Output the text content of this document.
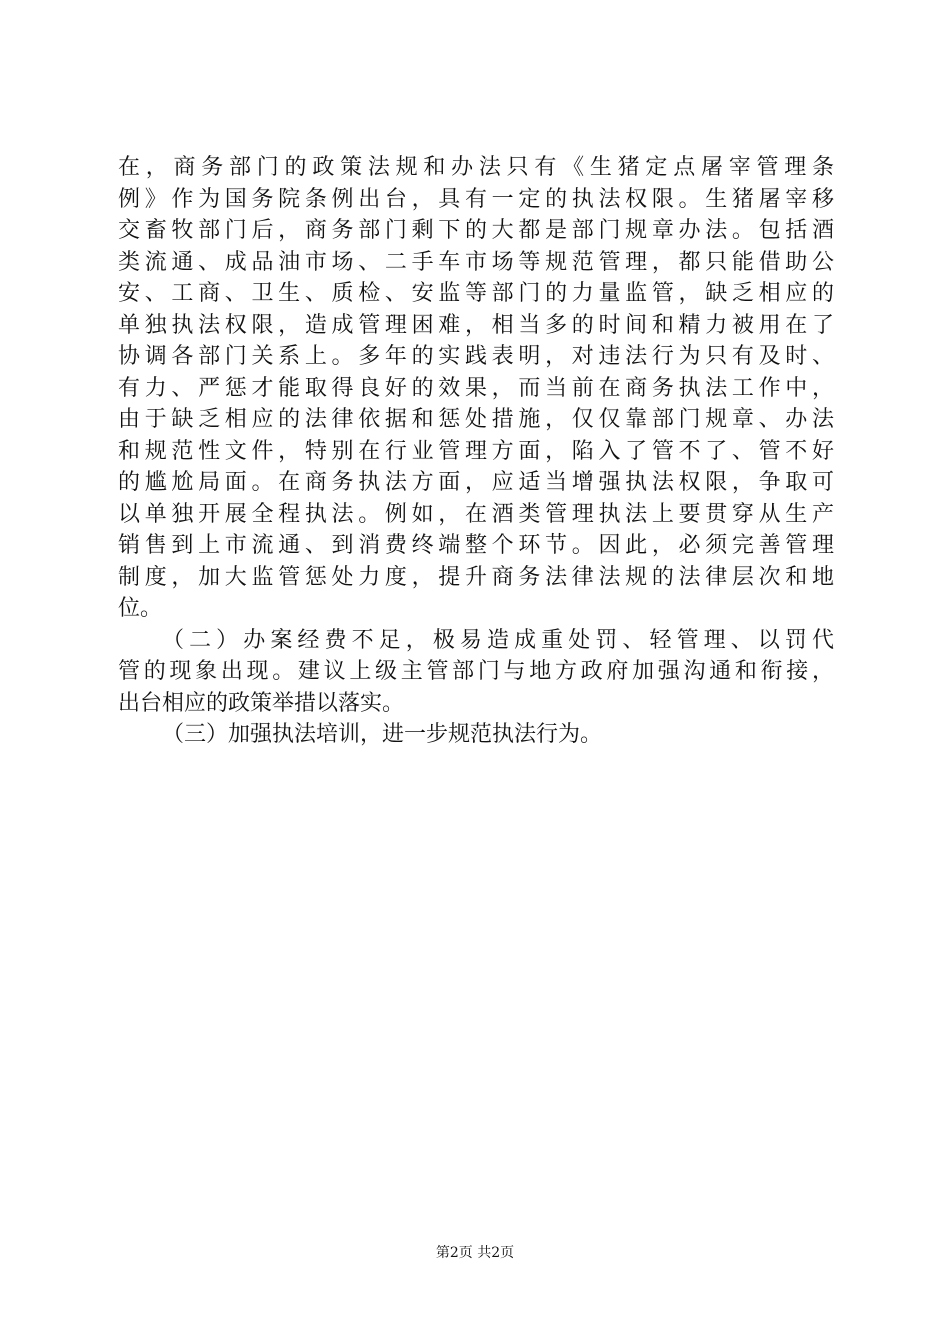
在，商务部门的政策法规和办法只有《生猪定点屠宰管理条
例》作为国务院条例出台，具有一定的执法权限。生猪屠宰移
交畜牧部门后，商务部门剩下的大都是部门规章办法。包括酒
类流通、成品油市场、二手车市场等规范管理，都只能借助公
安、工商、卫生、质检、安监等部门的力量监管，缺乏相应的
单独执法权限，造成管理困难，相当多的时间和精力被用在了
协调各部门关系上。多年的实践表明，对违法行为只有及时、
有力、严惩才能取得良好的效果，而当前在商务执法工作中，
由于缺乏相应的法律依据和惩处措施，仅仅靠部门规章、办法
和规范性文件，特别在行业管理方面，陷入了管不了、管不好
的尴尬局面。在商务执法方面，应适当增强执法权限，争取可
以单独开展全程执法。例如，在酒类管理执法上要贯穿从生产
销售到上市流通、到消费终端整个环节。因此，必须完善管理
制度，加大监管惩处力度，提升商务法律法规的法律层次和地
位。
（二）办案经费不足，极易造成重处罚、轻管理、以罚代
管的现象出现。建议上级主管部门与地方政府加强沟通和衔接，
出台相应的政策举措以落实。
（三）加强执法培训，进一步规范执法行为。
第2页 共2页
